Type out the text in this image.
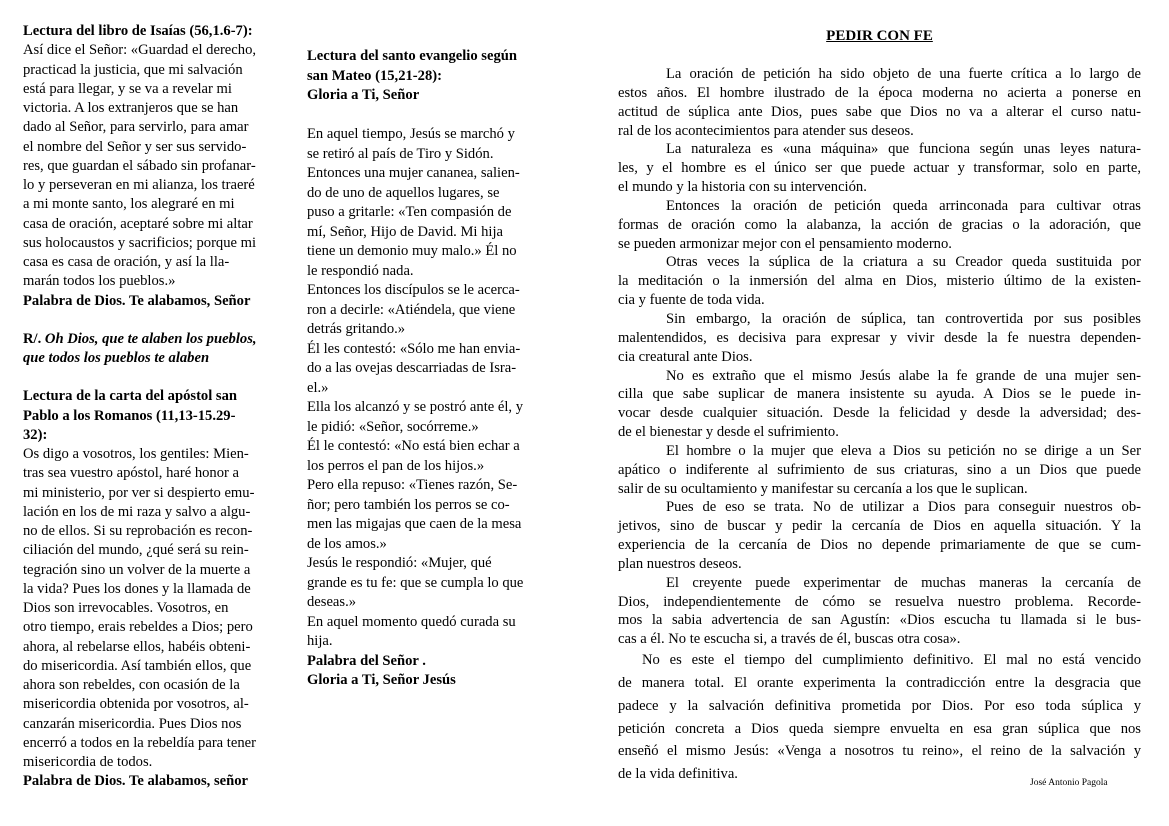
Lectura del libro de Isaías (56,1.6-7):
Así dice el Señor: «Guardad el derecho,
practicad la justicia, que mi salvación
está para llegar, y se va a revelar mi
victoria. A los extranjeros que se han
dado al Señor, para servirlo, para amar
el nombre del Señor y ser sus servido-
res, que guardan el sábado sin profanar-
lo y perseveran en mi alianza, los traeré
a mi monte santo, los alegraré en mi
casa de oración, aceptaré sobre mi altar
sus holocaustos y sacrificios; porque mi
casa es casa de oración, y así la lla-
marán todos los pueblos.»
Palabra de Dios. Te alabamos, Señor
R/. Oh Dios, que te alaben los pueblos,
que todos los pueblos te alaben
Lectura de la carta del apóstol san
Pablo a los Romanos (11,13-15.29-
32):
Os digo a vosotros, los gentiles: Mien-
tras sea vuestro apóstol, haré honor a
mi ministerio, por ver si despierto emu-
lación en los de mi raza y salvo a algu-
no de ellos. Si su reprobación es recon-
ciliación del mundo, ¿qué será su rein-
tegración sino un volver de la muerte a
la vida? Pues los dones y la llamada de
Dios son irrevocables. Vosotros, en
otro tiempo, erais rebeldes a Dios; pero
ahora, al rebelarse ellos, habéis obteni-
do misericordia. Así también ellos, que
ahora son rebeldes, con ocasión de la
misericordia obtenida por vosotros, al-
canzarán misericordia. Pues Dios nos
encerró a todos en la rebeldía para tener
misericordia de todos.
Palabra de Dios. Te alabamos, señor
Lectura del santo evangelio según
san Mateo (15,21-28):
Gloria a Ti, Señor
En aquel tiempo, Jesús se marchó y
se retiró al país de Tiro y Sidón.
Entonces una mujer cananea, salien-
do de uno de aquellos lugares, se
puso a gritarle: «Ten compasión de
mí, Señor, Hijo de David. Mi hija
tiene un demonio muy malo.» Él no
le respondió nada.
Entonces los discípulos se le acerca-
ron a decirle: «Atiéndela, que viene
detrás gritando.»
Él les contestó: «Sólo me han envia-
do a las ovejas descarriadas de Isra-
el.»
Ella los alcanzó y se postró ante él, y
le pidió: «Señor, socórreme.»
Él le contestó: «No está bien echar a
los perros el pan de los hijos.»
Pero ella repuso: «Tienes razón, Se-
ñor; pero también los perros se co-
men las migajas que caen de la mesa
de los amos.»
Jesús le respondió: «Mujer, qué
grande es tu fe: que se cumpla lo que
deseas.»
En aquel momento quedó curada su
hija.
Palabra del Señor .
Gloria a Ti, Señor Jesús
PEDIR CON FE
La oración de petición ha sido objeto de una fuerte crítica a lo largo de
estos años. El hombre ilustrado de la época moderna no acierta a ponerse en
actitud de súplica ante Dios, pues sabe que Dios no va a alterar el curso natu-
ral de los acontecimientos para atender sus deseos.
La naturaleza es «una máquina» que funciona según unas leyes natura-
les, y el hombre es el único ser que puede actuar y transformar, solo en parte,
el mundo y la historia con su intervención.
Entonces la oración de petición queda arrinconada para cultivar otras
formas de oración como la alabanza, la acción de gracias o la adoración, que
se pueden armonizar mejor con el pensamiento moderno.
Otras veces la súplica de la criatura a su Creador queda sustituida por
la meditación o la inmersión del alma en Dios, misterio último de la existen-
cia y fuente de toda vida.
Sin embargo, la oración de súplica, tan controvertida por sus posibles
malentendidos, es decisiva para expresar y vivir desde la fe nuestra dependen-
cia creatural ante Dios.
No es extraño que el mismo Jesús alabe la fe grande de una mujer sen-
cilla que sabe suplicar de manera insistente su ayuda. A Dios se le puede in-
vocar desde cualquier situación. Desde la felicidad y desde la adversidad; des-
de el bienestar y desde el sufrimiento.
El hombre o la mujer que eleva a Dios su petición no se dirige a un Ser
apático o indiferente al sufrimiento de sus criaturas, sino a un Dios que puede
salir de su ocultamiento y manifestar su cercanía a los que le suplican.
Pues de eso se trata. No de utilizar a Dios para conseguir nuestros ob-
jetivos, sino de buscar y pedir la cercanía de Dios en aquella situación. Y la
experiencia de la cercanía de Dios no depende primariamente de que se cum-
plan nuestros deseos.
El creyente puede experimentar de muchas maneras la cercanía de
Dios, independientemente de cómo se resuelva nuestro problema. Recorde-
mos la sabia advertencia de san Agustín: «Dios escucha tu llamada si le bus-
cas a él. No te escucha si, a través de él, buscas otra cosa».
No es este el tiempo del cumplimiento definitivo. El mal no está vencido
de manera total. El orante experimenta la contradicción entre la desgracia que
padece y la salvación definitiva prometida por Dios. Por eso toda súplica y
petición concreta a Dios queda siempre envuelta en esa gran súplica que nos
enseñó el mismo Jesús: «Venga a nosotros tu reino», el reino de la salvación y
de la vida definitiva.
José Antonio Pagola
